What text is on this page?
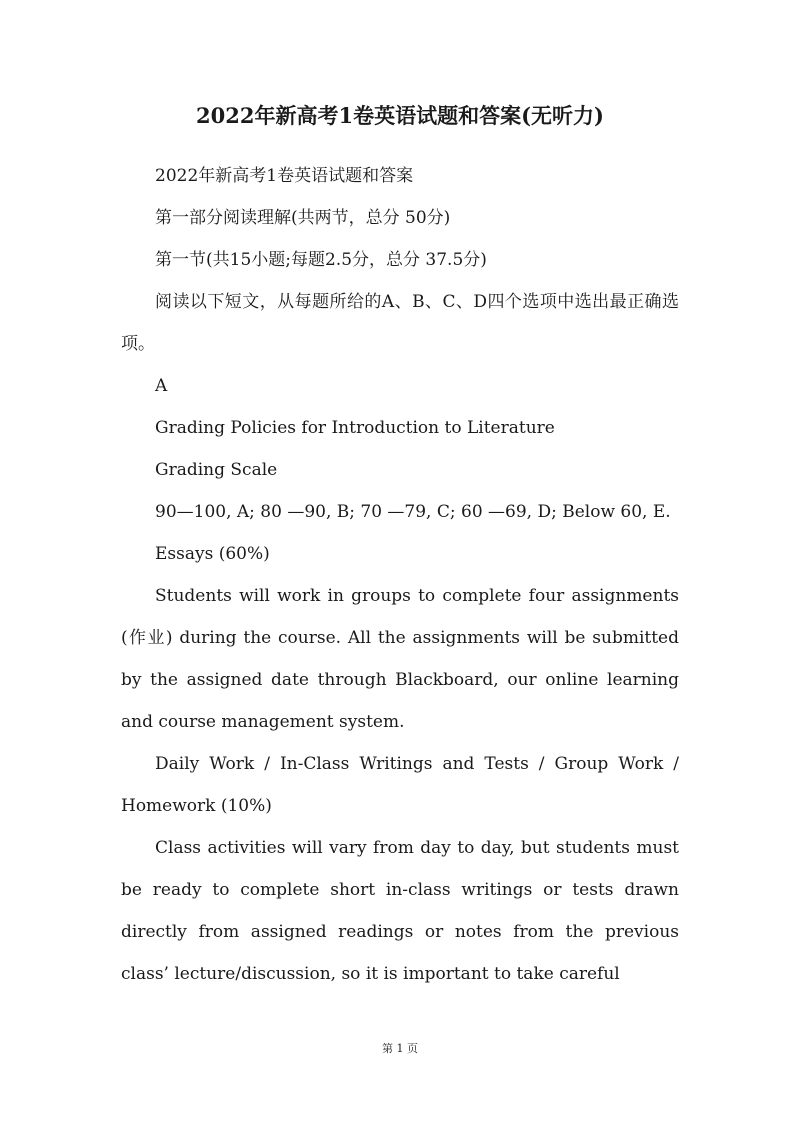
2022年新高考1卷英语试题和答案(无听力)

2022年新高考1卷英语试题和答案

第一部分阅读理解(共两节，总分 50分)

第一节(共15小题;每题2.5分，总分 37.5分)

阅读以下短文，从每题所给的A、B、C、D四个选项中选出最正确选项。

A

Grading Policies for Introduction to Literature

Grading Scale

90—100, A; 80 —90, B; 70 —79, C; 60 —69, D; Below 60, E.

Essays (60%)

Students will work in groups to complete four assignments (作业) during the course. All the assignments will be submitted by the assigned date through Blackboard, our online learning and course management system.

Daily Work / In-Class Writings and Tests / Group Work / Homework (10%)

Class activities will vary from day to day, but students must be ready to complete short in-class writings or tests drawn directly from assigned readings or notes from the previous class’ lecture/discussion, so it is important to take careful

第 1 页
